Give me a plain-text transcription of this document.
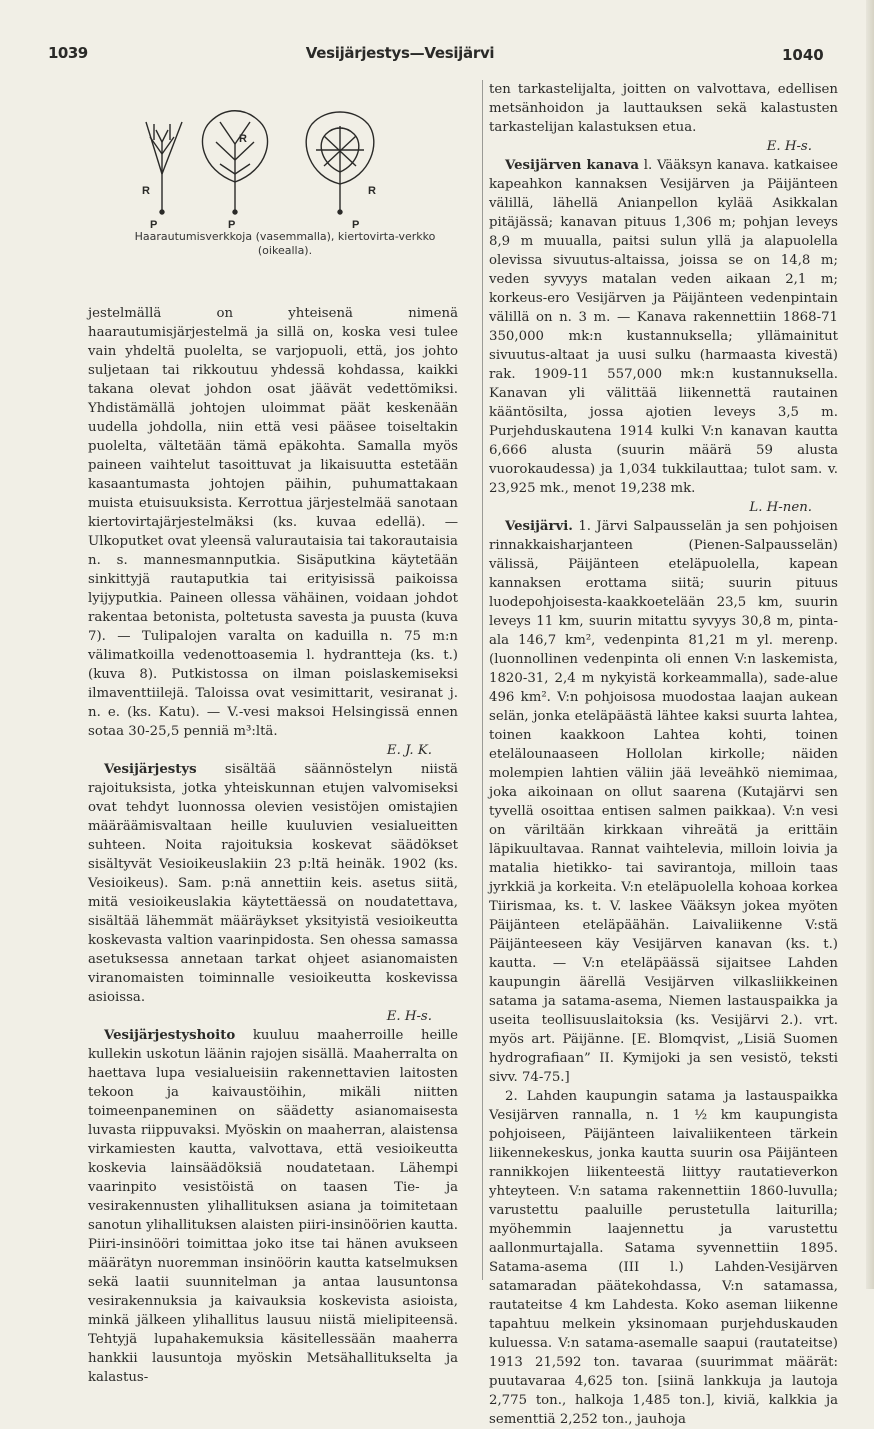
1039	Vesijärjestys—Vesijärvi	1040
R
P
R
P
R
P
Haarautumisverkkoja (vasemmalla), kiertovirta-verkko (oikealla).

jestelmällä on yhteisenä nimenä haarautumisjärjestelmä ja sillä on, koska vesi tulee vain yhdeltä puolelta, se varjopuoli, että, jos johto suljetaan tai rikkoutuu yhdessä kohdassa, kaikki takana olevat johdon osat jäävät vedettömiksi. Yhdistämällä johtojen uloimmat päät keskenään uudella johdolla, niin että vesi pääsee toiseltakin puolelta, vältetään tämä epäkohta. Samalla myös paineen vaihtelut tasoittuvat ja likaisuutta estetään kasaantumasta johtojen päihin, puhumattakaan muista etuisuuksista. Kerrottua järjestelmää sanotaan kiertovirtajärjestelmäksi (ks. kuvaa edellä). — Ulkoputket ovat yleensä valurautaisia tai takorautaisia n. s. mannesmannputkia. Sisäputkina käytetään sinkittyjä rautaputkia tai erityisissä paikoissa lyijyputkia. Paineen ollessa vähäinen, voidaan johdot rakentaa betonista, poltetusta savesta ja puusta (kuva 7). — Tulipalojen varalta on kaduilla n. 75 m:n välimatkoilla vedenottoasemia l. hydrantteja (ks. t.) (kuva 8). Putkistossa on ilman poislaskemiseksi ilmaventtiilejä. Taloissa ovat vesimittarit, vesiranat j. n. e. (ks. Katu). — V.-vesi maksoi Helsingissä ennen sotaa 30-25,5 penniä m³:ltä.

E. J. K.

Vesijärjestys sisältää säännöstelyn niistä rajoituksista, jotka yhteiskunnan etujen valvomiseksi ovat tehdyt luonnossa olevien vesistöjen omistajien määräämisvaltaan heille kuuluvien vesialueitten suhteen. Noita rajoituksia koskevat säädökset sisältyvät Vesioikeuslakiin 23 p:ltä heinäk. 1902 (ks. Vesioikeus). Sam. p:nä annettiin keis. asetus siitä, mitä vesioikeuslakia käytettäessä on noudatettava, sisältää lähemmät määräykset yksityistä vesioikeutta koskevasta valtion vaarinpidosta. Sen ohessa samassa asetuksessa annetaan tarkat ohjeet asianomaisten viranomaisten toiminnalle vesioikeutta koskevissa asioissa.

E. H-s.

Vesijärjestyshoito kuuluu maaherroille heille kullekin uskotun läänin rajojen sisällä. Maaherralta on haettava lupa vesialueisiin rakennettavien laitosten tekoon ja kaivaustöihin, mikäli niitten toimeenpaneminen on säädetty asianomaisesta luvasta riippuvaksi. Myöskin on maaherran, alaistensa virkamiesten kautta, valvottava, että vesioikeutta koskevia lainsäädöksiä noudatetaan. Lähempi vaarinpito vesistöistä on taasen Tie- ja vesirakennusten ylihallituksen asiana ja toimitetaan sanotun ylihallituksen alaisten piiri-insinöörien kautta. Piiri-insinööri toimittaa joko itse tai hänen avukseen määrätyn nuoremman insinöörin kautta katselmuksen sekä laatii suunnitelman ja antaa lausuntonsa vesirakennuksia ja kaivauksia koskevista asioista, minkä jälkeen ylihallitus lausuu niistä mielipiteensä. Tehtyjä lupahakemuksia käsitellessään maaherra hankkii lausuntoja myöskin Metsähallitukselta ja kalastus-

ten tarkastelijalta, joitten on valvottava, edellisen metsänhoidon ja lauttauksen sekä kalastusten tarkastelijan kalastuksen etua.

E. H-s.

Vesijärven kanava l. Vääksyn kanava. katkaisee kapeahkon kannaksen Vesijärven ja Päijänteen välillä, lähellä Anianpellon kylää Asikkalan pitäjässä; kanavan pituus 1,306 m; pohjan leveys 8,9 m muualla, paitsi sulun yllä ja alapuolella olevissa sivuutus-altaissa, joissa se on 14,8 m; veden syvyys matalan veden aikaan 2,1 m; korkeus-ero Vesijärven ja Päijänteen vedenpintain välillä on n. 3 m. — Kanava rakennettiin 1868-71 350,000 mk:n kustannuksella; yllämainitut sivuutus-altaat ja uusi sulku (harmaasta kivestä) rak. 1909-11 557,000 mk:n kustannuksella. Kanavan yli välittää liikennettä rautainen kääntösilta, jossa ajotien leveys 3,5 m. Purjehduskautena 1914 kulki V:n kanavan kautta 6,666 alusta (suurin määrä 59 alusta vuorokaudessa) ja 1,034 tukkilauttaa; tulot sam. v. 23,925 mk., menot 19,238 mk.

L. H-nen.

Vesijärvi. 1. Järvi Salpausselän ja sen pohjoisen rinnakkaisharjanteen (Pienen-Salpausselän) välissä, Päijänteen eteläpuolella, kapean kannaksen erottama siitä; suurin pituus luodepohjoisesta-kaakkoetelään 23,5 km, suurin leveys 11 km, suurin mitattu syvyys 30,8 m, pinta-ala 146,7 km², vedenpinta 81,21 m yl. merenp. (luonnollinen vedenpinta oli ennen V:n laskemista, 1820-31, 2,4 m nykyistä korkeammalla), sade-alue 496 km². V:n pohjoisosa muodostaa laajan aukean selän, jonka eteläpäästä lähtee kaksi suurta lahtea, toinen kaakkoon Lahtea kohti, toinen etelälounaaseen Hollolan kirkolle; näiden molempien lahtien väliin jää leveähkö niemimaa, joka aikoinaan on ollut saarena (Kutajärvi sen tyvellä osoittaa entisen salmen paikkaa). V:n vesi on väriltään kirkkaan vihreätä ja erittäin läpikuultavaa. Rannat vaihtelevia, milloin loivia ja matalia hietikko- tai savirantoja, milloin taas jyrkkiä ja korkeita. V:n eteläpuolella kohoaa korkea Tiirismaa, ks. t. V. laskee Vääksyn jokea myöten Päijänteen eteläpäähän. Laivaliikenne V:stä Päijänteeseen käy Vesijärven kanavan (ks. t.) kautta. — V:n eteläpäässä sijaitsee Lahden kaupungin äärellä Vesijärven vilkasliikkeinen satama ja satama-asema, Niemen lastauspaikka ja useita teollisuuslaitoksia (ks. Vesijärvi 2.). vrt. myös art. Päijänne. [E. Blomqvist, „Lisiä Suomen hydrografiaan” II. Kymijoki ja sen vesistö, teksti sivv. 74-75.]

2. Lahden kaupungin satama ja lastauspaikka Vesijärven rannalla, n. 1 ½ km kaupungista pohjoiseen, Päijänteen laivaliikenteen tärkein liikennekeskus, jonka kautta suurin osa Päijänteen rannikkojen liikenteestä liittyy rautatieverkon yhteyteen. V:n satama rakennettiin 1860-luvulla; varustettu paaluille perustetulla laiturilla; myöhemmin laajennettu ja varustettu aallonmurtajalla. Satama syvennettiin 1895. Satama-asema (III l.) Lahden-Vesijärven satamaradan päätekohdassa, V:n satamassa, rautateitse 4 km Lahdesta. Koko aseman liikenne tapahtuu melkein yksinomaan purjehduskauden kuluessa. V:n satama-asemalle saapui (rautateitse) 1913 21,592 ton. tavaraa (suurimmat määrät: puutavaraa 4,625 ton. [siinä lankkuja ja lautoja 2,775 ton., halkoja 1,485 ton.], kiviä, kalkkia ja sementtiä 2,252 ton., jauhoja
